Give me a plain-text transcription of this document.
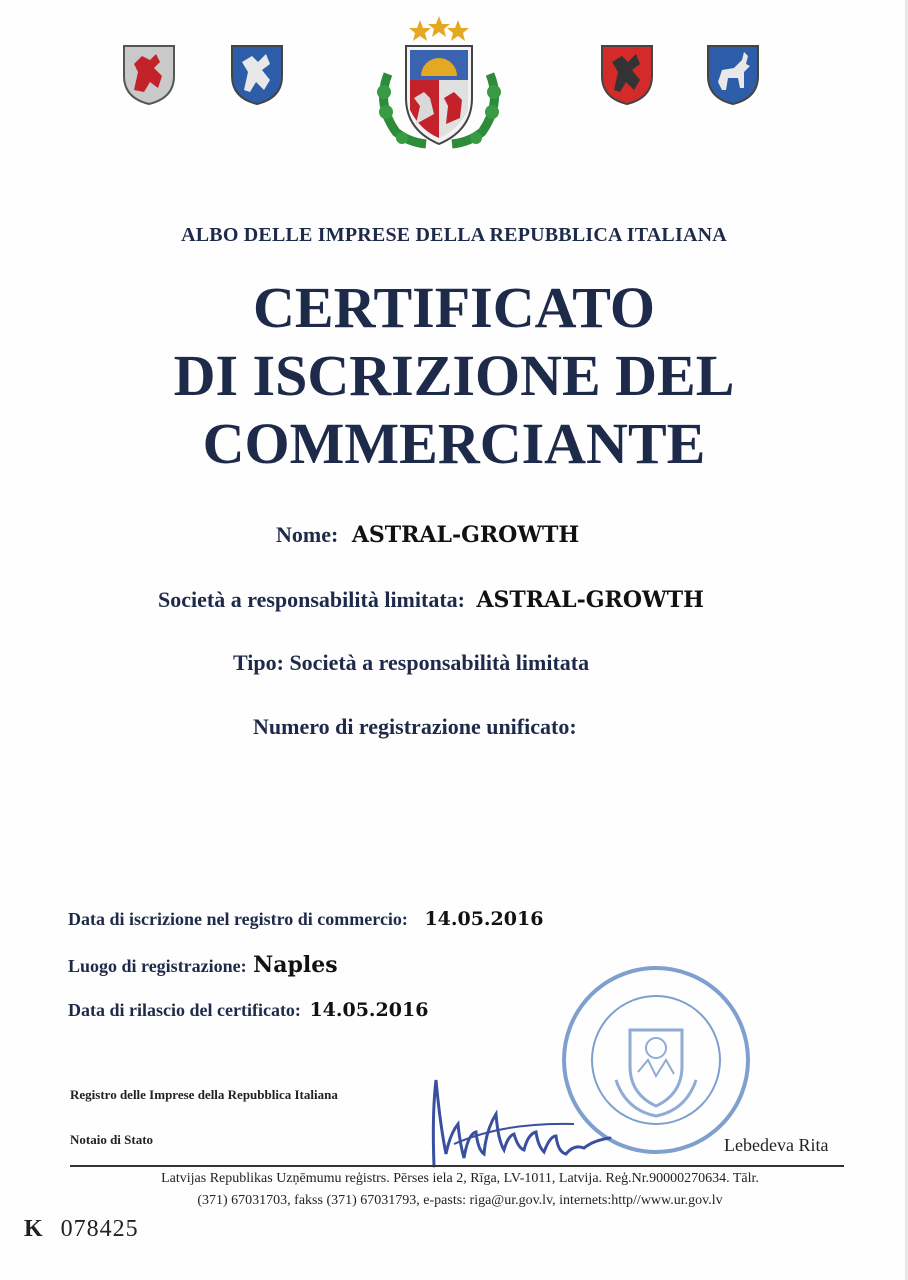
ALBO DELLE IMPRESE DELLA REPUBBLICA ITALIANA
CERTIFICATO
DI ISCRIZIONE DEL
COMMERCIANTE
Nome: ASTRAL-GROWTH
Società a responsabilità limitata: ASTRAL-GROWTH
Tipo: Società a responsabilità limitata
Numero di registrazione unificato:
Data di iscrizione nel registro di commercio: 14.05.2016
Luogo di registrazione: Naples
Data di rilascio del certificato: 14.05.2016
Registro delle Imprese della Repubblica Italiana
Notaio di Stato	Lebedeva Rita
Latvijas Republikas Uzņēmumu reģistrs. Pērses iela 2, Rīga, LV-1011, Latvija. Reģ.Nr.90000270634. Tālr.
(371) 67031703, fakss (371) 67031793, e-pasts: riga@ur.gov.lv, internets:http//www.ur.gov.lv
K 078425
